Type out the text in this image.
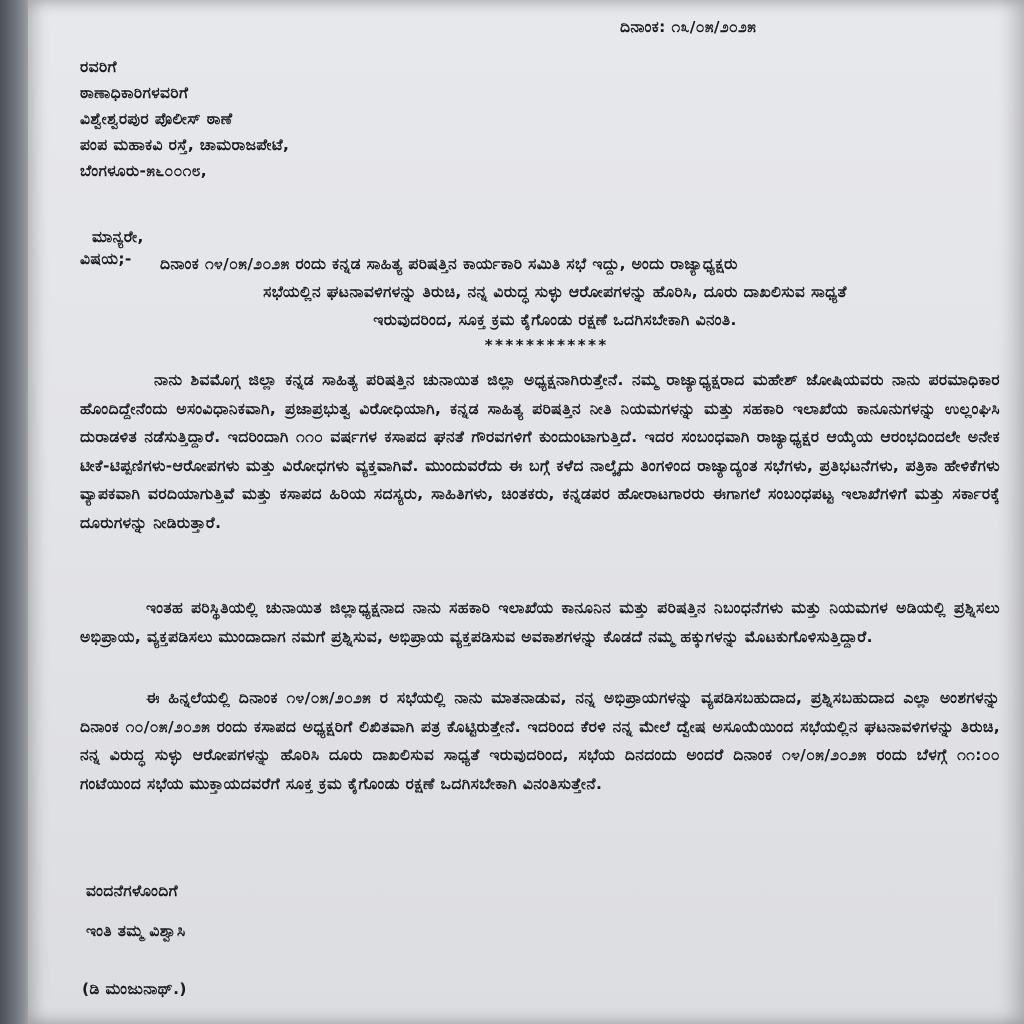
ದಿನಾಂಕ: ೧೩/೦೫/೨೦೨೫
ರವರಿಗೆ
ಠಾಣಾಧಿಕಾರಿಗಳವರಿಗೆ
ವಿಶ್ವೇಶ್ವರಪುರ ಪೊಲೀಸ್ ಠಾಣೆ
ಪಂಪ ಮಹಾಕವಿ ರಸ್ತೆ, ಚಾಮರಾಜಪೇಟೆ,
ಬೆಂಗಳೂರು-೫೬೦೦೧೮,
ಮಾನ್ಯರೇ,
ವಿಷಯ;- ದಿನಾಂಕ ೧೪/೦೫/೨೦೨೫ ರಂದು ಕನ್ನಡ ಸಾಹಿತ್ಯ ಪರಿಷತ್ತಿನ ಕಾರ್ಯಕಾರಿ ಸಮಿತಿ ಸಭೆ ಇದ್ದು, ಅಂದು ರಾಜ್ಯಾಧ್ಯಕ್ಷರು
ಸಭೆಯಲ್ಲಿನ ಘಟನಾವಳಿಗಳನ್ನು ತಿರುಚಿ, ನನ್ನ ವಿರುದ್ಧ ಸುಳ್ಳು ಆರೋಪಗಳನ್ನು ಹೊರಿಸಿ, ದೂರು ದಾಖಲಿಸುವ ಸಾಧ್ಯತೆ
ಇರುವುದರಿಂದ, ಸೂಕ್ತ ಕ್ರಮ ಕೈಗೊಂಡು ರಕ್ಷಣೆ ಒದಗಿಸಬೇಕಾಗಿ ವಿನಂತಿ.
************
ನಾನು ಶಿವಮೊಗ್ಗ ಜಿಲ್ಲಾ ಕನ್ನಡ ಸಾಹಿತ್ಯ ಪರಿಷತ್ತಿನ ಚುನಾಯಿತ ಜಿಲ್ಲಾ ಅಧ್ಯಕ್ಷನಾಗಿರುತ್ತೇನೆ. ನಮ್ಮ ರಾಜ್ಯಾಧ್ಯಕ್ಷರಾದ ಮಹೇಶ್ ಜೋಷಿಯವರು ನಾನು ಪರಮಾಧಿಕಾರ ಹೊಂದಿದ್ದೇನೆಂದು ಅಸಂವಿಧಾನಿಕವಾಗಿ, ಪ್ರಜಾಪ್ರಭುತ್ವ ವಿರೋಧಿಯಾಗಿ, ಕನ್ನಡ ಸಾಹಿತ್ಯ ಪರಿಷತ್ತಿನ ನೀತಿ ನಿಯಮಗಳನ್ನು ಮತ್ತು ಸಹಕಾರಿ ಇಲಾಖೆಯ ಕಾನೂನುಗಳನ್ನು ಉಲ್ಲಂಘಿಸಿ ದುರಾಡಳಿತ ನಡೆಸುತ್ತಿದ್ದಾರೆ. ಇದರಿಂದಾಗಿ ೧೧೦ ವರ್ಷಗಳ ಕಸಾಪದ ಘನತೆ ಗೌರವಗಳಿಗೆ ಕುಂದುಂಟಾಗುತ್ತಿದೆ. ಇದರ ಸಂಬಂಧವಾಗಿ ರಾಜ್ಯಾಧ್ಯಕ್ಷರ ಆಯ್ಕೆಯ ಆರಂಭದಿಂದಲೇ ಅನೇಕ ಟೀಕೆ-ಟಿಪ್ಪಣಿಗಳು-ಆರೋಪಗಳು ಮತ್ತು ವಿರೋಧಗಳು ವ್ಯಕ್ತವಾಗಿವೆ. ಮುಂದುವರೆದು ಈ ಬಗ್ಗೆ ಕಳೆದ ನಾಲ್ಕೈದು ತಿಂಗಳಿಂದ ರಾಜ್ಯಾದ್ಯಂತ ಸಭೆಗಳು, ಪ್ರತಿಭಟನೆಗಳು, ಪತ್ರಿಕಾ ಹೇಳಿಕೆಗಳು ವ್ಯಾಪಕವಾಗಿ ವರದಿಯಾಗುತ್ತಿವೆ ಮತ್ತು ಕಸಾಪದ ಹಿರಿಯ ಸದಸ್ಯರು, ಸಾಹಿತಿಗಳು, ಚಿಂತಕರು, ಕನ್ನಡಪರ ಹೋರಾಟಗಾರರು ಈಗಾಗಲೆ ಸಂಬಂಧಪಟ್ಟ ಇಲಾಖೆಗಳಿಗೆ ಮತ್ತು ಸರ್ಕಾರಕ್ಕೆ ದೂರುಗಳನ್ನು ನೀಡಿರುತ್ತಾರೆ.
ಇಂತಹ ಪರಿಸ್ಥಿತಿಯಲ್ಲಿ ಚುನಾಯಿತ ಜಿಲ್ಲಾಧ್ಯಕ್ಷನಾದ ನಾನು ಸಹಕಾರಿ ಇಲಾಖೆಯ ಕಾನೂನಿನ ಮತ್ತು ಪರಿಷತ್ತಿನ ನಿಬಂಧನೆಗಳು ಮತ್ತು ನಿಯಮಗಳ ಅಡಿಯಲ್ಲಿ ಪ್ರಶ್ನಿಸಲು ಅಭಿಪ್ರಾಯ, ವ್ಯಕ್ತಪಡಿಸಲು ಮುಂದಾದಾಗ ನಮಗೆ ಪ್ರಶ್ನಿಸುವ, ಅಭಿಪ್ರಾಯ ವ್ಯಕ್ತಪಡಿಸುವ ಅವಕಾಶಗಳನ್ನು ಕೊಡದೆ ನಮ್ಮ ಹಕ್ಕುಗಳನ್ನು ಮೊಟಕುಗೊಳಿಸುತ್ತಿದ್ದಾರೆ.
ಈ ಹಿನ್ನಲೆಯಲ್ಲಿ ದಿನಾಂಕ ೧೪/೦೫/೨೦೨೫ ರ ಸಭೆಯಲ್ಲಿ ನಾನು ಮಾತನಾಡುವ, ನನ್ನ ಅಭಿಪ್ರಾಯಗಳನ್ನು ವ್ಯಪಡಿಸಬಹುದಾದ, ಪ್ರಶ್ನಿಸಬಹುದಾದ ಎಲ್ಲಾ ಅಂಶಗಳನ್ನು ದಿನಾಂಕ ೧೦/೦೫/೨೦೨೫ ರಂದು ಕಸಾಪದ ಅಧ್ಯಕ್ಷರಿಗೆ ಲಿಖಿತವಾಗಿ ಪತ್ರ ಕೊಟ್ಟಿರುತ್ತೇನೆ. ಇದರಿಂದ ಕೆರಳಿ ನನ್ನ ಮೇಲೆ ದ್ವೇಷ ಅಸೂಯೆಯಿಂದ ಸಭೆಯಲ್ಲಿನ ಘಟನಾವಳಿಗಳನ್ನು ತಿರುಚಿ, ನನ್ನ ವಿರುದ್ಧ ಸುಳ್ಳು ಆರೋಪಗಳನ್ನು ಹೊರಿಸಿ ದೂರು ದಾಖಲಿಸುವ ಸಾಧ್ಯತೆ ಇರುವುದರಿಂದ, ಸಭೆಯ ದಿನದಂದು ಅಂದರೆ ದಿನಾಂಕ ೧೪/೦೫/೨೦೨೫ ರಂದು ಬೆಳಗ್ಗೆ ೧೧:೦೦ ಗಂಟೆಯಿಂದ ಸಭೆಯ ಮುಕ್ತಾಯದವರೆಗೆ ಸೂಕ್ತ ಕ್ರಮ ಕೈಗೊಂಡು ರಕ್ಷಣೆ ಒದಗಿಸಬೇಕಾಗಿ ವಿನಂತಿಸುತ್ತೇನೆ.
ವಂದನೆಗಳೊಂದಿಗೆ
ಇಂತಿ ತಮ್ಮ ವಿಶ್ವಾಸಿ
(ಡಿ ಮಂಜುನಾಥ್.)
